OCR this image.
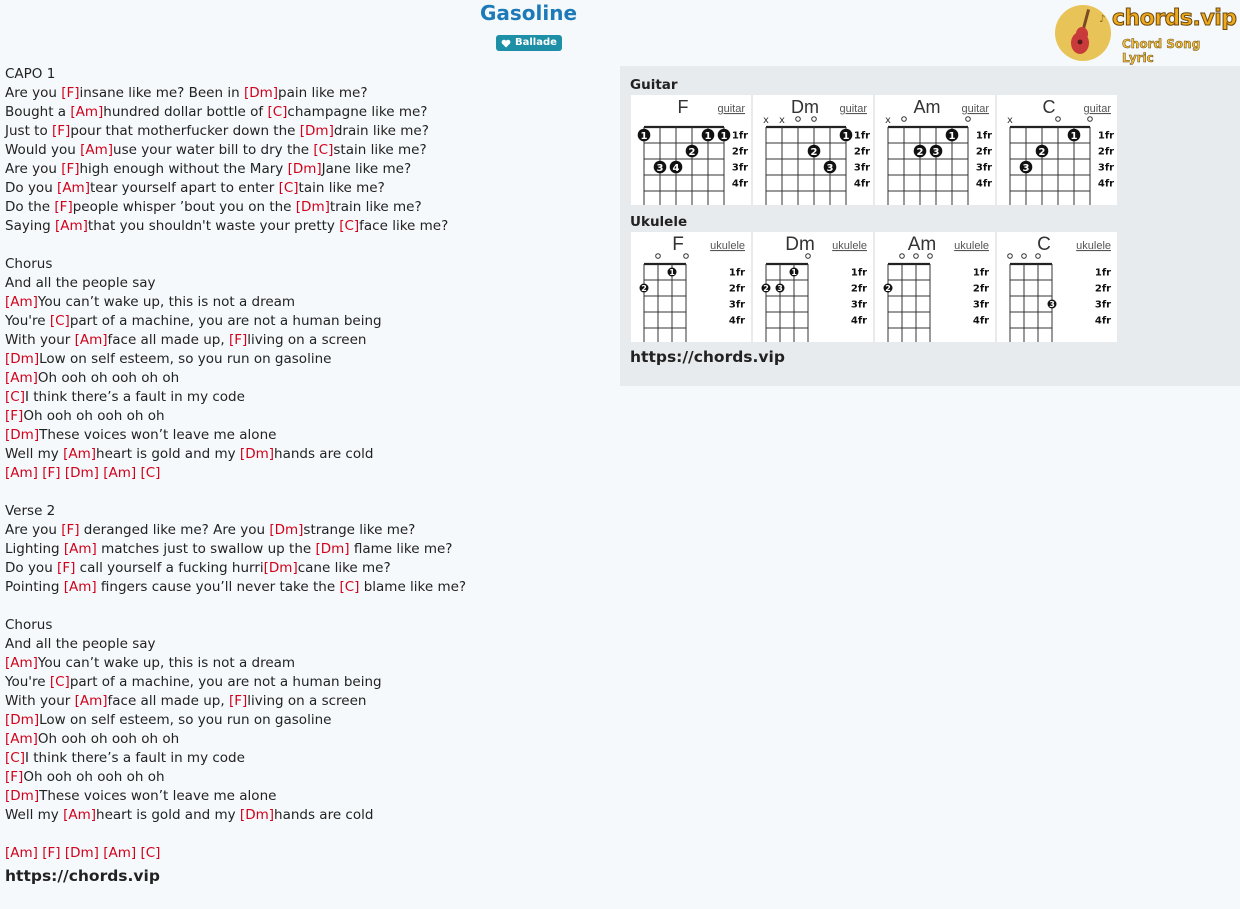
Gasoline
Ballade
♪ chords.vip
Chord Song Lyric
CAPO 1
Are you [F]insane like me? Been in [Dm]pain like me?
Bought a [Am]hundred dollar bottle of [C]champagne like me?
Just to [F]pour that motherfucker down the [Dm]drain like me?
Would you [Am]use your water bill to dry the [C]stain like me?
Are you [F]high enough without the Mary [Dm]Jane like me?
Do you [Am]tear yourself apart to enter [C]tain like me?
Do the [F]people whisper ’bout you on the [Dm]train like me?
Saying [Am]that you shouldn't waste your pretty [C]face like me?
Chorus
And all the people say
[Am]You can’t wake up, this is not a dream
You're [C]part of a machine, you are not a human being
With your [Am]face all made up, [F]living on a screen
[Dm]Low on self esteem, so you run on gasoline
[Am]Oh ooh oh ooh oh oh
[C]I think there’s a fault in my code
[F]Oh ooh oh ooh oh oh
[Dm]These voices won’t leave me alone
Well my [Am]heart is gold and my [Dm]hands are cold
[Am] [F] [Dm] [Am] [C]
Verse 2
Are you [F] deranged like me? Are you [Dm]strange like me?
Lighting [Am] matches just to swallow up the [Dm] flame like me?
Do you [F] call yourself a fucking hurri[Dm]cane like me?
Pointing [Am] fingers cause you’ll never take the [C] blame like me?
Chorus
And all the people say
[Am]You can’t wake up, this is not a dream
You're [C]part of a machine, you are not a human being
With your [Am]face all made up, [F]living on a screen
[Dm]Low on self esteem, so you run on gasoline
[Am]Oh ooh oh ooh oh oh
[C]I think there’s a fault in my code
[F]Oh ooh oh ooh oh oh
[Dm]These voices won’t leave me alone
Well my [Am]heart is gold and my [Dm]hands are cold
[Am] [F] [Dm] [Am] [C]
https://chords.vip
Guitar
F	guitar
1
3 4
2
1 1 1fr
2fr
3fr
4fr
Dm guitar
x x
2
3
1 1fr
2fr
3fr
4fr
Am guitar
x
2 3
1 1fr
2fr
3fr
4fr
C	guitar
x
3
2
1 1fr
2fr
3fr
4fr
Ukulele
F ukulele
2
1	1fr
2fr
3fr
4fr
Dm ukulele
2 3
1	1fr
2fr
3fr
4fr
Am ukulele
2
1fr
2fr
3fr
4fr
C ukulele
3
1fr
2fr
3fr
4fr
https://chords.vip
